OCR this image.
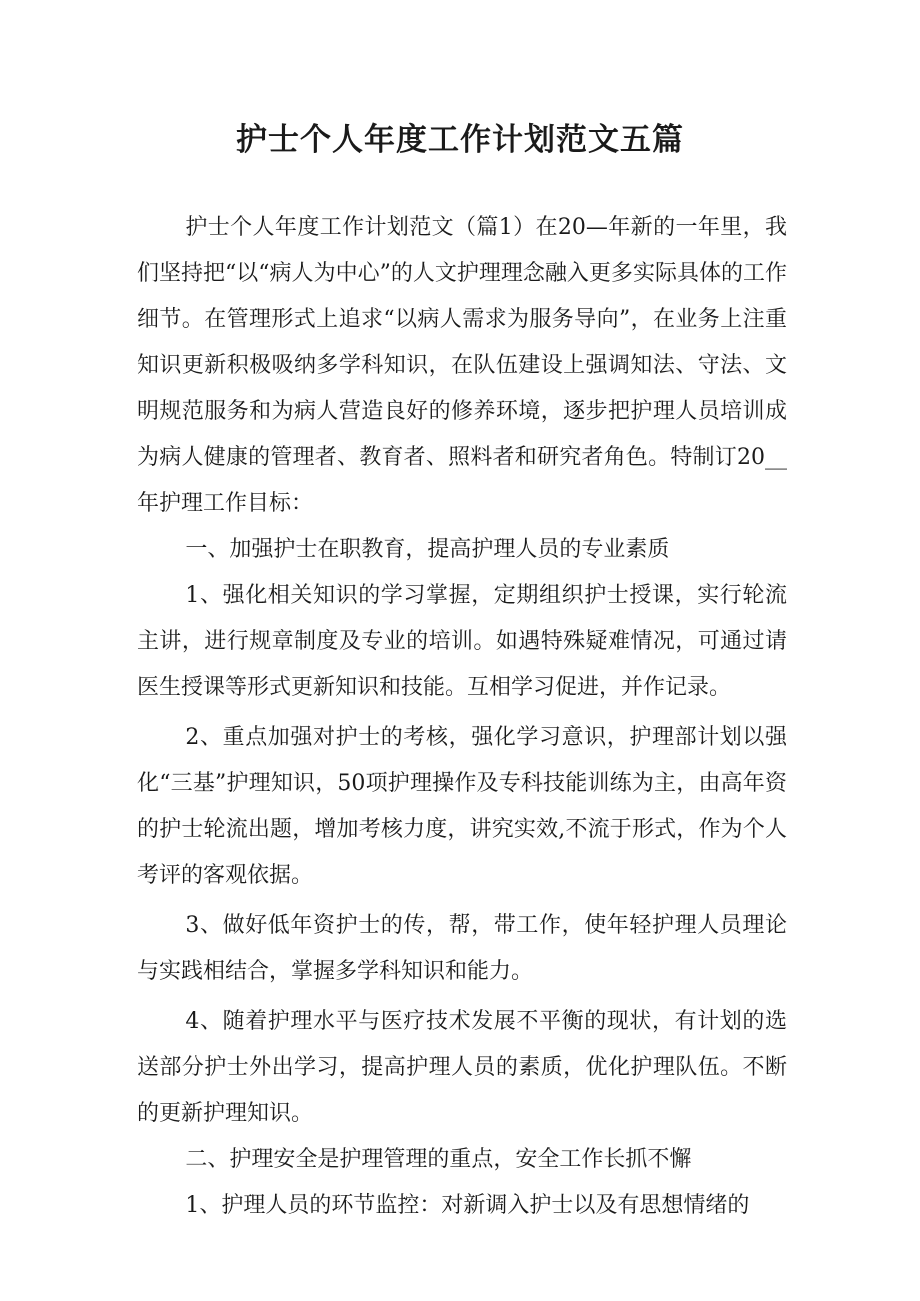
护士个人年度工作计划范文五篇

护士个人年度工作计划范文（篇1）在20—年新的一年里，我们坚持把“以“病人为中心”的人文护理理念融入更多实际具体的工作细节。在管理形式上追求“以病人需求为服务导向”，在业务上注重知识更新积极吸纳多学科知识，在队伍建设上强调知法、守法、文明规范服务和为病人营造良好的修养环境，逐步把护理人员培训成为病人健康的管理者、教育者、照料者和研究者角色。特制订20__年护理工作目标：

一、加强护士在职教育，提高护理人员的专业素质

1、强化相关知识的学习掌握，定期组织护士授课，实行轮流主讲，进行规章制度及专业的培训。如遇特殊疑难情况，可通过请医生授课等形式更新知识和技能。互相学习促进，并作记录。

2、重点加强对护士的考核，强化学习意识，护理部计划以强化“三基”护理知识，50项护理操作及专科技能训练为主，由高年资的护士轮流出题，增加考核力度，讲究实效,不流于形式，作为个人考评的客观依据。

3、做好低年资护士的传，帮，带工作，使年轻护理人员理论与实践相结合，掌握多学科知识和能力。

4、随着护理水平与医疗技术发展不平衡的现状，有计划的选送部分护士外出学习，提高护理人员的素质，优化护理队伍。不断的更新护理知识。

二、护理安全是护理管理的重点，安全工作长抓不懈

1、护理人员的环节监控：对新调入护士以及有思想情绪的
